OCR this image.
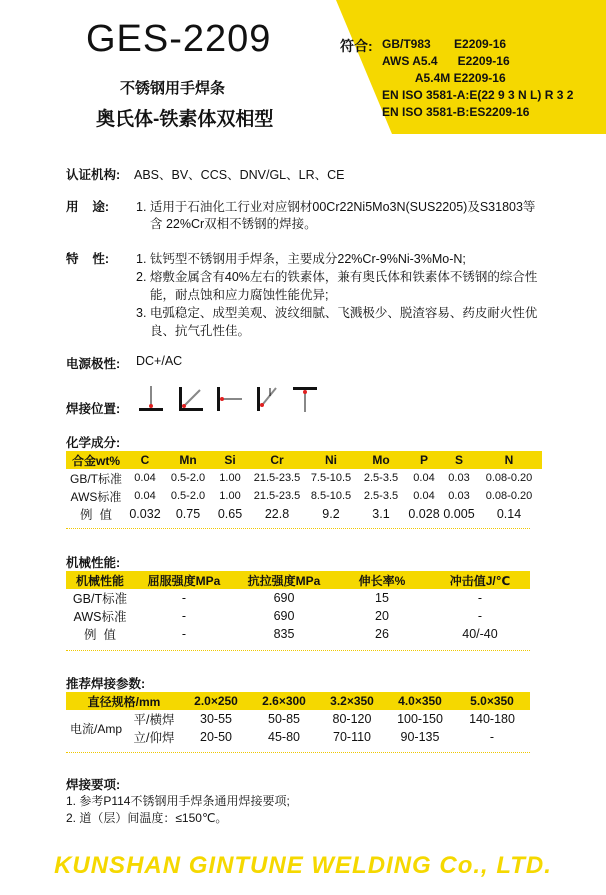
GES-2209
不锈钢用手焊条
奥氏体-铁素体双相型
符合: GB/T983       E2209-16
AWS A5.4      E2209-16
A5.4M E2209-16
EN ISO 3581-A:E(22 9 3 N L) R 3 2
EN ISO 3581-B:ES2209-16
认证机构: ABS、BV、CCS、DNV/GL、LR、CE
用    途: 1. 适用于石油化工行业对应钢材00Cr22Ni5Mo3N(SUS2205)及S31803等
含 22%Cr双相不锈钢的焊接。
特    性: 1. 钛钙型不锈钢用手焊条，主要成分22%Cr-9%Ni-3%Mo-N;
2. 熔敷金属含有40%左右的铁素体，兼有奥氏体和铁素体不锈钢的综合性
能，耐点蚀和应力腐蚀性能优异;
3. 电弧稳定、成型美观、波纹细腻、飞溅极少、脱渣容易、药皮耐火性优
良、抗气孔性佳。
电源极性: DC+/AC
焊接位置:
化学成分:
合金wt%	C	Mn	Si	Cr	Ni	Mo	P	S	N
GB/T标准	0.04	0.5-2.0	1.00	21.5-23.5	7.5-10.5	2.5-3.5	0.04	0.03	0.08-0.20
AWS标准	0.04	0.5-2.0	1.00	21.5-23.5	8.5-10.5	2.5-3.5	0.04	0.03	0.08-0.20
例  值	0.032	0.75	0.65	22.8	9.2	3.1	0.028	0.005	0.14
机械性能:
机械性能	屈服强度MPa	抗拉强度MPa	伸长率%	冲击值J/℃
GB/T标准	-	690	15	-
AWS标准	-	690	20	-
例  值	-	835	26	40/-40
推荐焊接参数:
直径规格/mm		2.0×250	2.6×300	3.2×350	4.0×350	5.0×350
电流/Amp	平/横焊	30-55	50-85	80-120	100-150	140-180
	立/仰焊	20-50	45-80	70-110	90-135	-
焊接要项:
1. 参考P114不锈钢用手焊条通用焊接要项;
2. 道（层）间温度：≤150℃。
KUNSHAN GINTUNE WELDING Co., LTD.
